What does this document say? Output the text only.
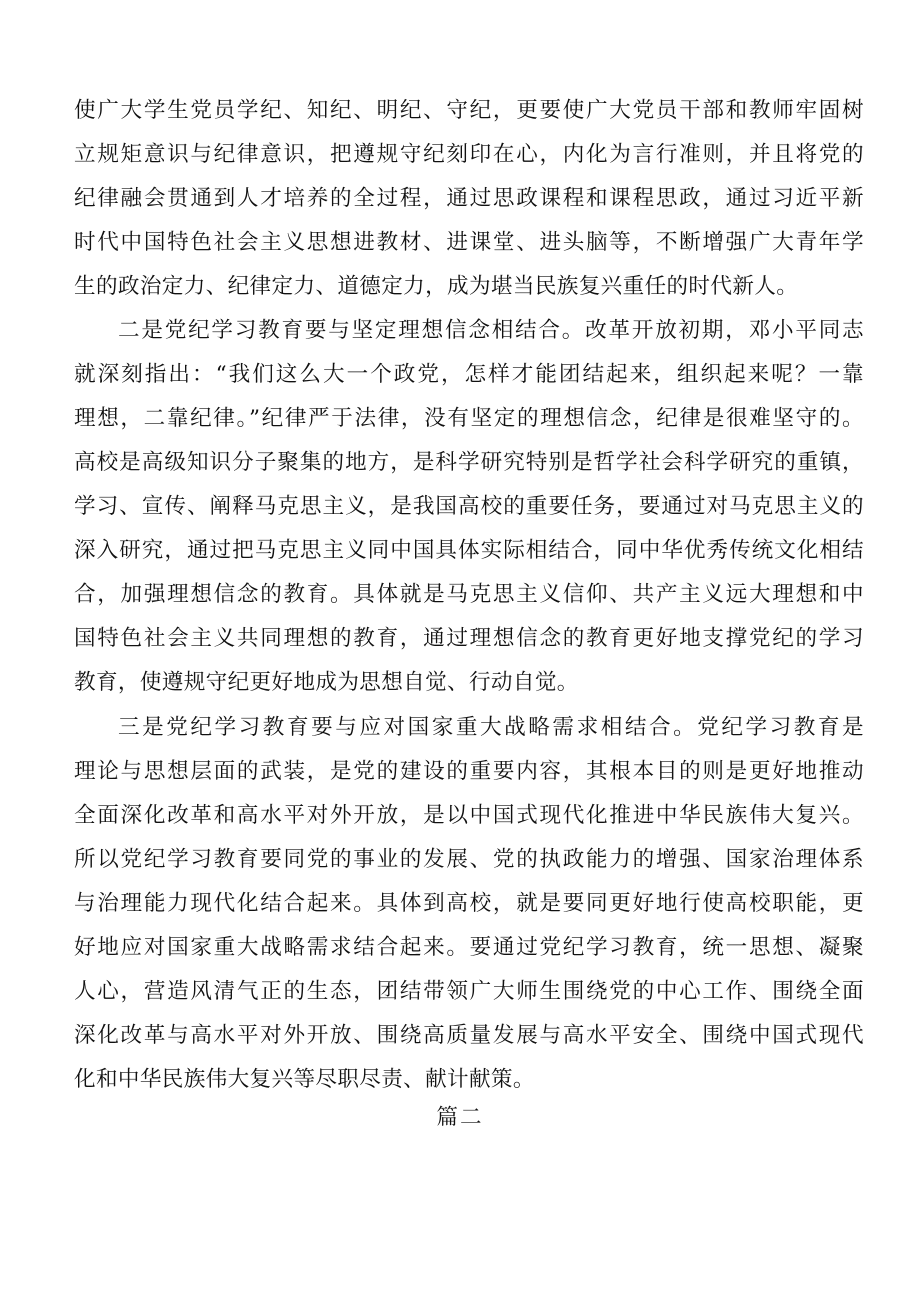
使广大学生党员学纪、知纪、明纪、守纪，更要使广大党员干部和教师牢固树
立规矩意识与纪律意识，把遵规守纪刻印在心，内化为言行准则，并且将党的
纪律融会贯通到人才培养的全过程，通过思政课程和课程思政，通过习近平新
时代中国特色社会主义思想进教材、进课堂、进头脑等，不断增强广大青年学
生的政治定力、纪律定力、道德定力，成为堪当民族复兴重任的时代新人。
二是党纪学习教育要与坚定理想信念相结合。改革开放初期，邓小平同志
就深刻指出：“我们这么大一个政党，怎样才能团结起来，组织起来呢？一靠
理想，二靠纪律。”纪律严于法律，没有坚定的理想信念，纪律是很难坚守的。
高校是高级知识分子聚集的地方，是科学研究特别是哲学社会科学研究的重镇，
学习、宣传、阐释马克思主义，是我国高校的重要任务，要通过对马克思主义的
深入研究，通过把马克思主义同中国具体实际相结合，同中华优秀传统文化相结
合，加强理想信念的教育。具体就是马克思主义信仰、共产主义远大理想和中
国特色社会主义共同理想的教育，通过理想信念的教育更好地支撑党纪的学习
教育，使遵规守纪更好地成为思想自觉、行动自觉。
三是党纪学习教育要与应对国家重大战略需求相结合。党纪学习教育是
理论与思想层面的武装，是党的建设的重要内容，其根本目的则是更好地推动
全面深化改革和高水平对外开放，是以中国式现代化推进中华民族伟大复兴。
所以党纪学习教育要同党的事业的发展、党的执政能力的增强、国家治理体系
与治理能力现代化结合起来。具体到高校，就是要同更好地行使高校职能，更
好地应对国家重大战略需求结合起来。要通过党纪学习教育，统一思想、凝聚
人心，营造风清气正的生态，团结带领广大师生围绕党的中心工作、围绕全面
深化改革与高水平对外开放、围绕高质量发展与高水平安全、围绕中国式现代
化和中华民族伟大复兴等尽职尽责、献计献策。
篇二
